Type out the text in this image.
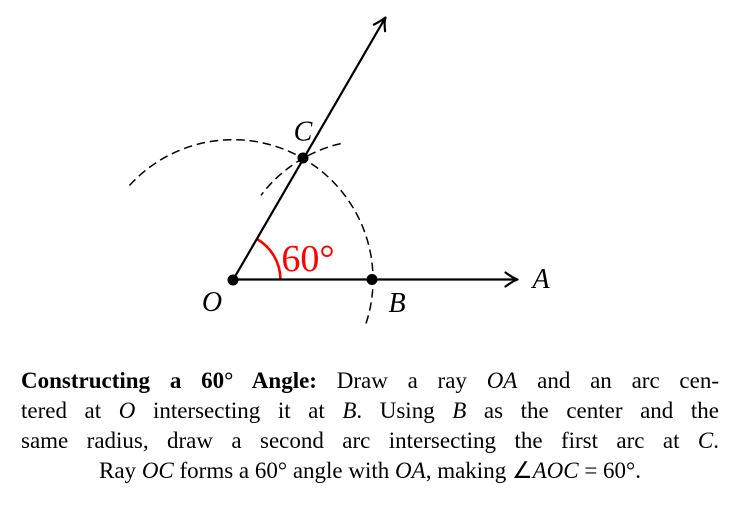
O	B
C
A
60°

Constructing a 60° Angle: Draw a ray OA and an arc cen-

tered at O intersecting it at B. Using B as the center and the

same radius, draw a second arc intersecting the first arc at C.

Ray OC forms a 60° angle with OA, making ∠AOC = 60°.
